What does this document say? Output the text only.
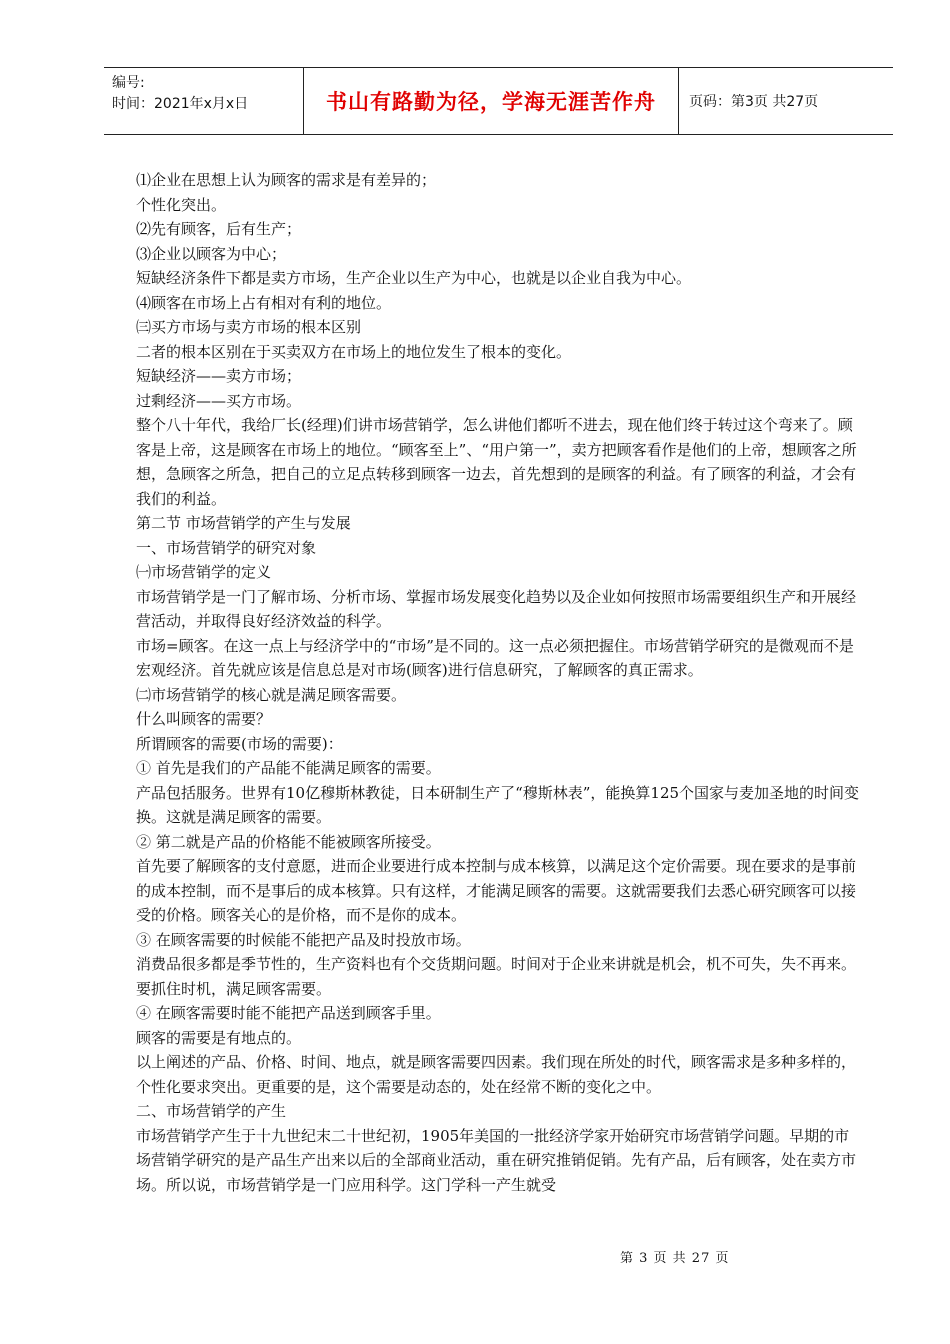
编号:
时间：2021年x月x日	书山有路勤为径，学海无涯苦作舟	页码：第3页 共27页

⑴企业在思想上认为顾客的需求是有差异的；

个性化突出。

⑵先有顾客，后有生产；

⑶企业以顾客为中心；

短缺经济条件下都是卖方市场，生产企业以生产为中心，也就是以企业自我为中心。

⑷顾客在市场上占有相对有利的地位。

㈢买方市场与卖方市场的根本区别

二者的根本区别在于买卖双方在市场上的地位发生了根本的变化。

短缺经济——卖方市场；

过剩经济——买方市场。

整个八十年代，我给厂长(经理)们讲市场营销学，怎么讲他们都听不进去，现在他们终于转过这个弯来了。顾客是上帝，这是顾客在市场上的地位。“顾客至上”、“用户第一”，卖方把顾客看作是他们的上帝，想顾客之所想，急顾客之所急，把自己的立足点转移到顾客一边去，首先想到的是顾客的利益。有了顾客的利益，才会有我们的利益。

第二节 市场营销学的产生与发展

一、市场营销学的研究对象

㈠市场营销学的定义

市场营销学是一门了解市场、分析市场、掌握市场发展变化趋势以及企业如何按照市场需要组织生产和开展经营活动，并取得良好经济效益的科学。

市场=顾客。在这一点上与经济学中的“市场”是不同的。这一点必须把握住。市场营销学研究的是微观而不是宏观经济。首先就应该是信息总是对市场(顾客)进行信息研究，了解顾客的真正需求。

㈡市场营销学的核心就是满足顾客需要。

什么叫顾客的需要？

所谓顾客的需要(市场的需要)：

① 首先是我们的产品能不能满足顾客的需要。

产品包括服务。世界有10亿穆斯林教徒，日本研制生产了“穆斯林表”，能换算125个国家与麦加圣地的时间变换。这就是满足顾客的需要。

② 第二就是产品的价格能不能被顾客所接受。

首先要了解顾客的支付意愿，进而企业要进行成本控制与成本核算，以满足这个定价需要。现在要求的是事前的成本控制，而不是事后的成本核算。只有这样，才能满足顾客的需要。这就需要我们去悉心研究顾客可以接受的价格。顾客关心的是价格，而不是你的成本。

③ 在顾客需要的时候能不能把产品及时投放市场。

消费品很多都是季节性的，生产资料也有个交货期问题。时间对于企业来讲就是机会，机不可失，失不再来。要抓住时机，满足顾客需要。

④ 在顾客需要时能不能把产品送到顾客手里。

顾客的需要是有地点的。

以上阐述的产品、价格、时间、地点，就是顾客需要四因素。我们现在所处的时代，顾客需求是多种多样的，个性化要求突出。更重要的是，这个需要是动态的，处在经常不断的变化之中。

二、市场营销学的产生

市场营销学产生于十九世纪末二十世纪初，1905年美国的一批经济学家开始研究市场营销学问题。早期的市场营销学研究的是产品生产出来以后的全部商业活动，重在研究推销促销。先有产品，后有顾客，处在卖方市场。所以说，市场营销学是一门应用科学。这门学科一产生就受

第 3 页 共 27 页
